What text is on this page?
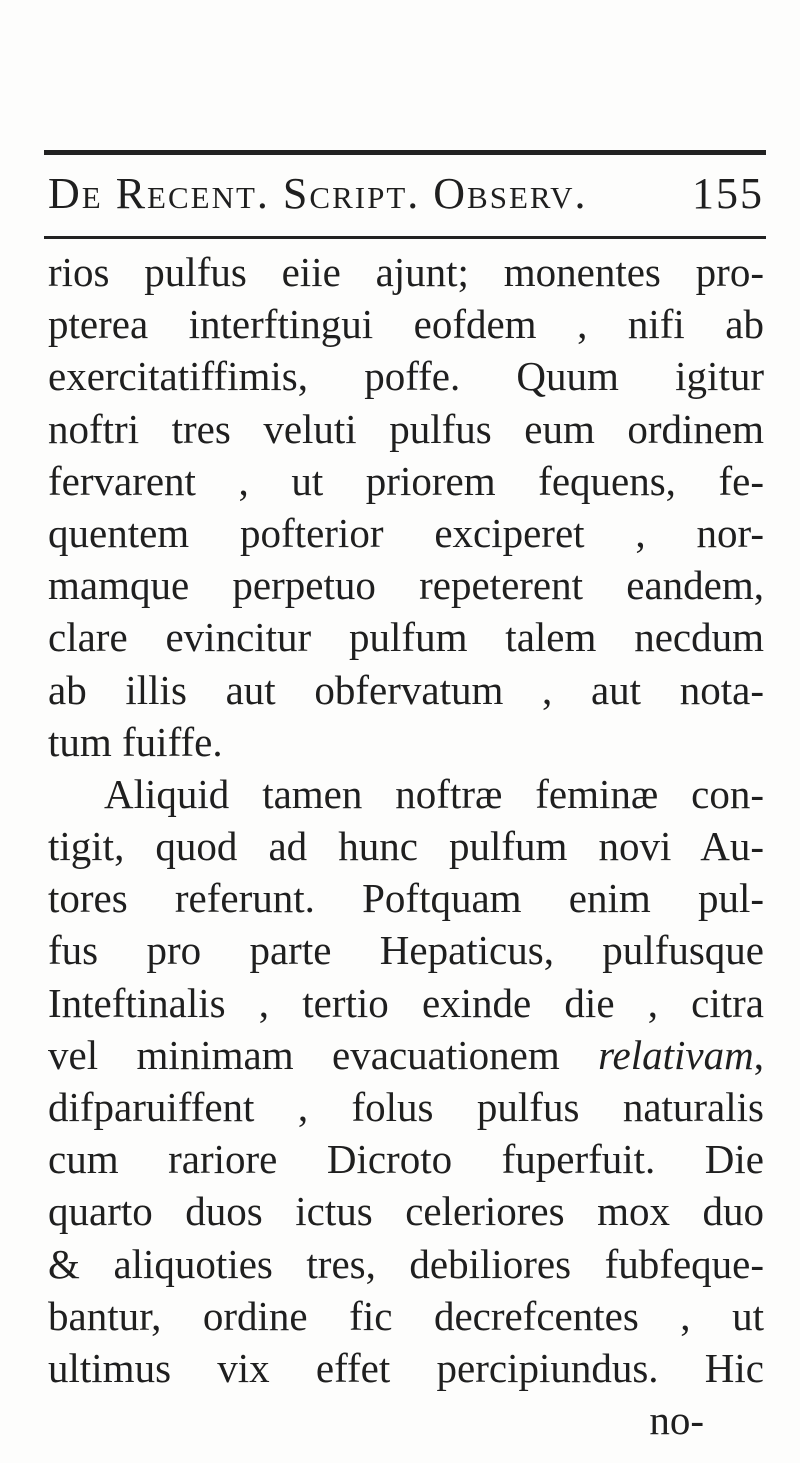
De Recent. Script. Observ. 155
rios pulfus eiie ajunt; monentes pro-
pterea interftingui eofdem , nifi ab
exercitatiffimis, poffe. Quum igitur
noftri tres veluti pulfus eum ordinem
fervarent , ut priorem fequens, fe-
quentem pofterior exciperet , nor-
mamque perpetuo repeterent eandem,
clare evincitur pulfum talem necdum
ab illis aut obfervatum , aut nota-
tum fuiffe.
Aliquid tamen noftræ feminæ con-
tigit, quod ad hunc pulfum novi Au-
tores referunt. Poftquam enim pul-
fus pro parte Hepaticus, pulfusque
Inteftinalis , tertio exinde die , citra
vel minimam evacuationem relativam,
difparuiffent , folus pulfus naturalis
cum rariore Dicroto fuperfuit. Die
quarto duos ictus celeriores mox duo
& aliquoties tres, debiliores fubfeque-
bantur, ordine fic decrefcentes , ut
ultimus vix effet percipiundus. Hic
no-
